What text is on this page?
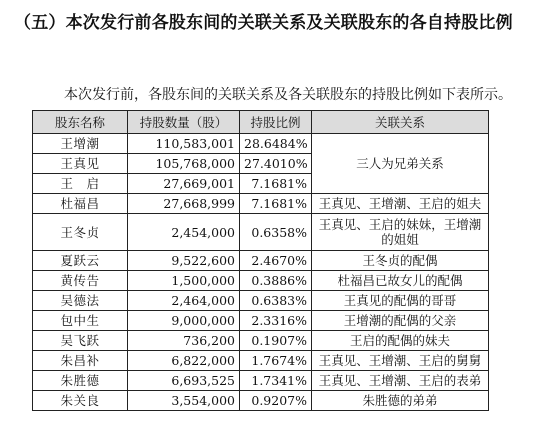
（五）本次发行前各股东间的关联关系及关联股东的各自持股比例
本次发行前，各股东间的关联关系及各关联股东的持股比例如下表所示。
股东名称	持股数量（股）	持股比例	关联关系
王增潮	110,583,001	28.6484%	三人为兄弟关系
王真见	105,768,000	27.4010%	
王　启	27,669,001	7.1681%	
杜福昌	27,668,999	7.1681%	王真见、王增潮、王启的姐夫
王冬贞	2,454,000	0.6358%	王真见、王启的妹妹，王增潮的姐姐
夏跃云	9,522,600	2.4670%	王冬贞的配偶
黄传告	1,500,000	0.3886%	杜福昌已故女儿的配偶
吴德法	2,464,000	0.6383%	王真见的配偶的哥哥
包中生	9,000,000	2.3316%	王增潮的配偶的父亲
吴飞跃	736,200	0.1907%	王启的配偶的妹夫
朱昌补	6,822,000	1.7674%	王真见、王增潮、王启的舅舅
朱胜德	6,693,525	1.7341%	王真见、王增潮、王启的表弟
朱关良	3,554,000	0.9207%	朱胜德的弟弟
